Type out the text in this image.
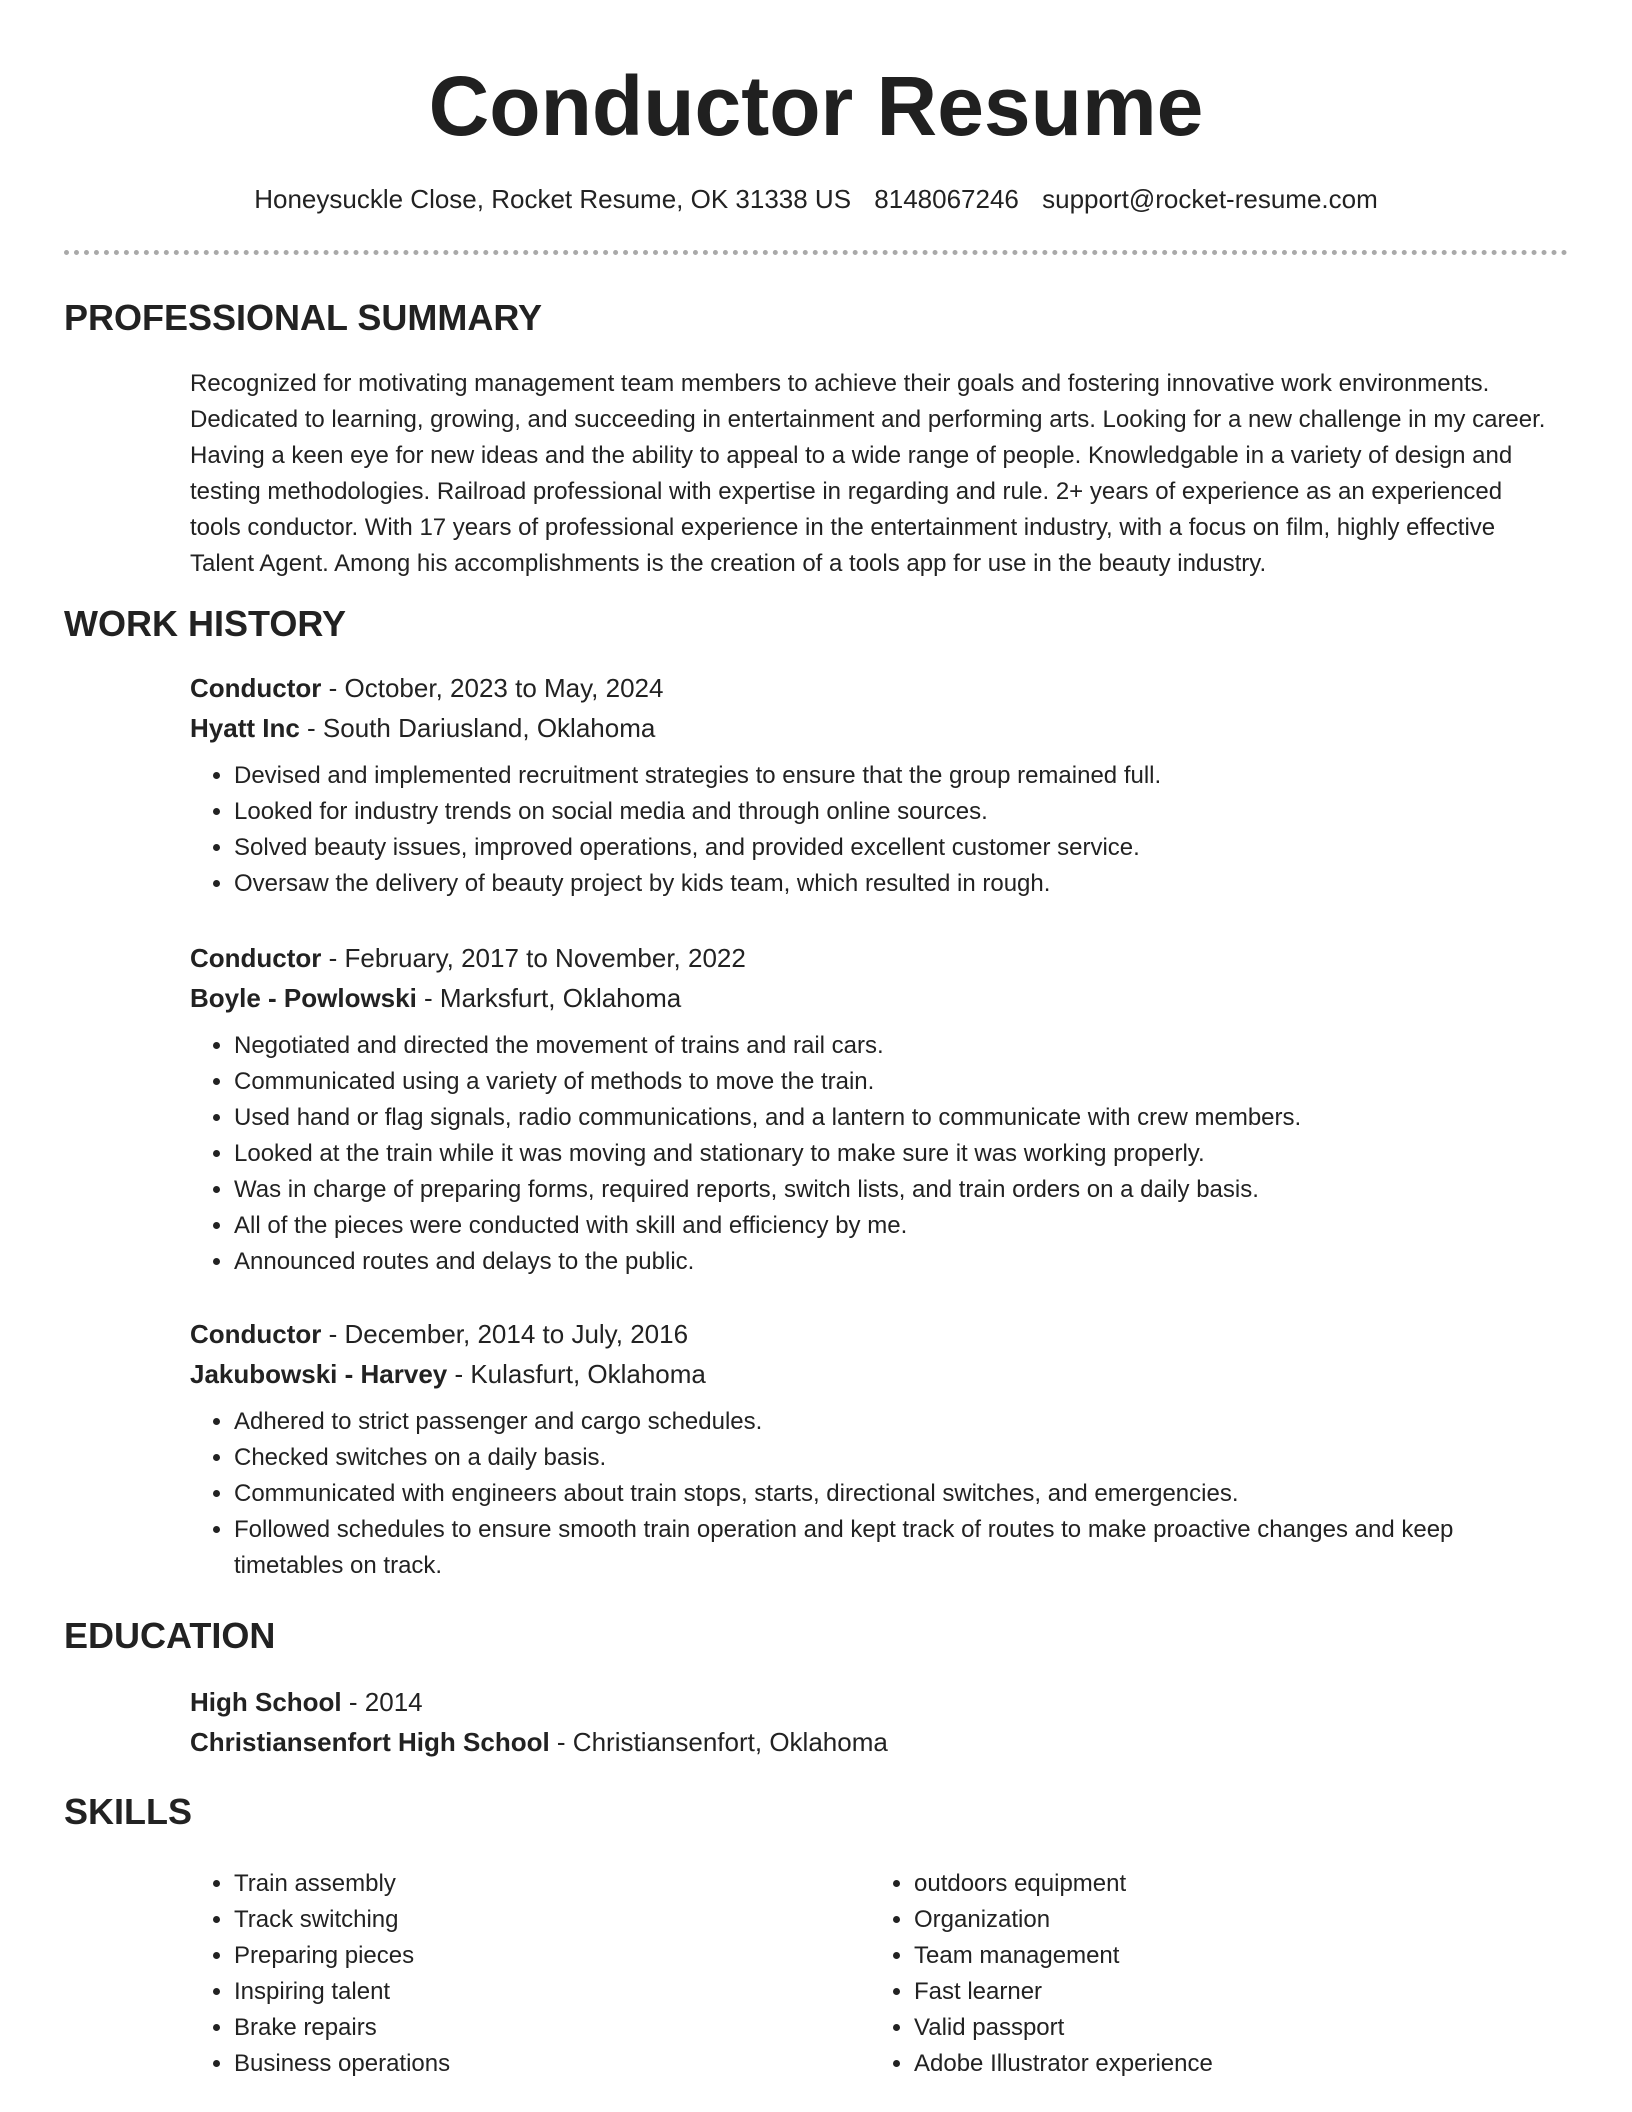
Conductor Resume
Honeysuckle Close, Rocket Resume, OK 31338 US 8148067246 support@rocket-resume.com
PROFESSIONAL SUMMARY
Recognized for motivating management team members to achieve their goals and fostering innovative work environments. Dedicated to learning, growing, and succeeding in entertainment and performing arts. Looking for a new challenge in my career. Having a keen eye for new ideas and the ability to appeal to a wide range of people. Knowledgable in a variety of design and testing methodologies. Railroad professional with expertise in regarding and rule. 2+ years of experience as an experienced tools conductor. With 17 years of professional experience in the entertainment industry, with a focus on film, highly effective Talent Agent. Among his accomplishments is the creation of a tools app for use in the beauty industry.
WORK HISTORY
Conductor - October, 2023 to May, 2024
Hyatt Inc - South Dariusland, Oklahoma
• Devised and implemented recruitment strategies to ensure that the group remained full.
• Looked for industry trends on social media and through online sources.
• Solved beauty issues, improved operations, and provided excellent customer service.
• Oversaw the delivery of beauty project by kids team, which resulted in rough.
Conductor - February, 2017 to November, 2022
Boyle - Powlowski - Marksfurt, Oklahoma
• Negotiated and directed the movement of trains and rail cars.
• Communicated using a variety of methods to move the train.
• Used hand or flag signals, radio communications, and a lantern to communicate with crew members.
• Looked at the train while it was moving and stationary to make sure it was working properly.
• Was in charge of preparing forms, required reports, switch lists, and train orders on a daily basis.
• All of the pieces were conducted with skill and efficiency by me.
• Announced routes and delays to the public.
Conductor - December, 2014 to July, 2016
Jakubowski - Harvey - Kulasfurt, Oklahoma
• Adhered to strict passenger and cargo schedules.
• Checked switches on a daily basis.
• Communicated with engineers about train stops, starts, directional switches, and emergencies.
• Followed schedules to ensure smooth train operation and kept track of routes to make proactive changes and keep timetables on track.
EDUCATION
High School - 2014
Christiansenfort High School - Christiansenfort, Oklahoma
SKILLS
• Train assembly
• Track switching
• Preparing pieces
• Inspiring talent
• Brake repairs
• Business operations
• outdoors equipment
• Organization
• Team management
• Fast learner
• Valid passport
• Adobe Illustrator experience
